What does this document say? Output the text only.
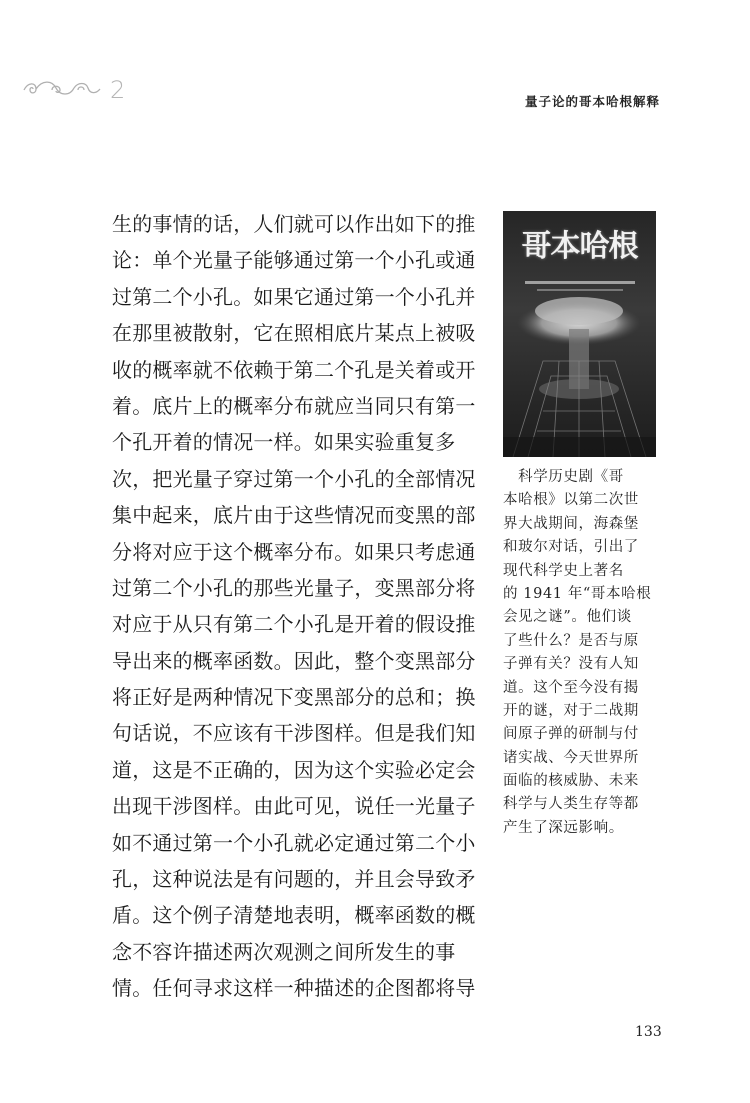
2	量子论的哥本哈根解释
生的事情的话，人们就可以作出如下的推
论：单个光量子能够通过第一个小孔或通
过第二个小孔。如果它通过第一个小孔并
在那里被散射，它在照相底片某点上被吸
收的概率就不依赖于第二个孔是关着或开
着。底片上的概率分布就应当同只有第一
个孔开着的情况一样。如果实验重复多
次，把光量子穿过第一个小孔的全部情况
集中起来，底片由于这些情况而变黑的部
分将对应于这个概率分布。如果只考虑通
过第二个小孔的那些光量子，变黑部分将
对应于从只有第二个小孔是开着的假设推
导出来的概率函数。因此，整个变黑部分
将正好是两种情况下变黑部分的总和；换
句话说，不应该有干涉图样。但是我们知
道，这是不正确的，因为这个实验必定会
出现干涉图样。由此可见，说任一光量子
如不通过第一个小孔就必定通过第二个小
孔，这种说法是有问题的，并且会导致矛
盾。这个例子清楚地表明，概率函数的概
念不容许描述两次观测之间所发生的事
情。任何寻求这样一种描述的企图都将导
哥本哈根
　科学历史剧《哥
本哈根》以第二次世
界大战期间，海森堡
和玻尔对话，引出了
现代科学史上著名
的 1941 年“哥本哈根
会见之谜”。他们谈
了些什么？是否与原
子弹有关？没有人知
道。这个至今没有揭
开的谜，对于二战期
间原子弹的研制与付
诸实战、今天世界所
面临的核威胁、未来
科学与人类生存等都
产生了深远影响。
133
